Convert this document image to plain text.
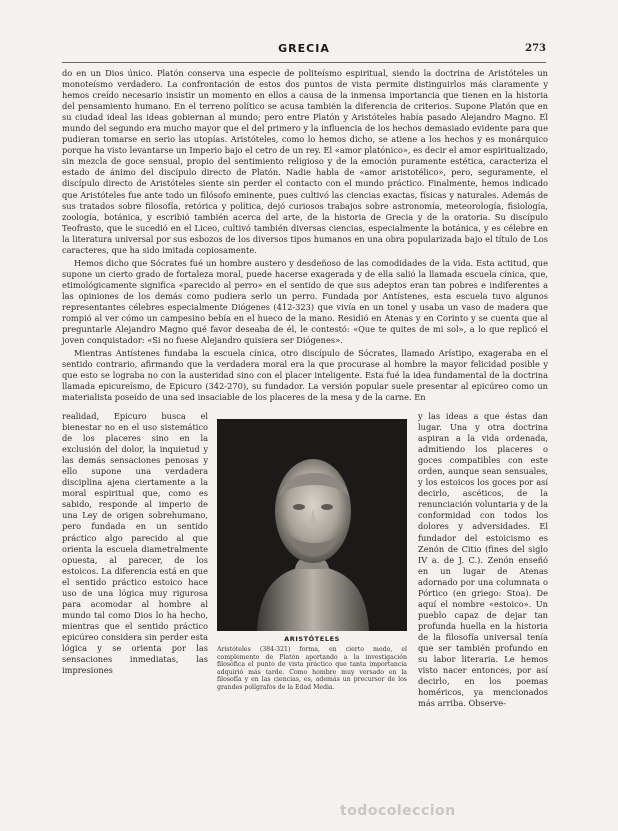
GRECIA	273

do en un Dios único. Platón conserva una especie de politeísmo espiritual, siendo la doctrina de Aristóteles un monoteísmo verdadero. La confrontación de estos dos puntos de vista permite distinguirlos más claramente y hemos creído necesario insistir un momento en ellos a causa de la inmensa importancia que tienen en la historia del pensamiento humano. En el terreno político se acusa también la diferencia de criterios. Supone Platón que en su ciudad ideal las ideas gobiernan al mundo; pero entre Platón y Aristóteles había pasado Alejandro Magno. El mundo del segundo era mucho mayor que el del primero y la influencia de los hechos demasiado evidente para que pudieran tomarse en serio las utopías. Aristóteles, como lo hemos dicho, se atiene a los hechos y es monárquico porque ha visto levantarse un Imperio bajo el cetro de un rey. El «amor platónico», es decir el amor espiritualizado, sin mezcla de goce sensual, propio del sentimiento religioso y de la emoción puramente estética, caracteriza el estado de ánimo del discípulo directo de Platón. Nadie habla de «amor aristotélico», pero, seguramente, el discípulo directo de Aristóteles siente sin perder el contacto con el mundo práctico. Finalmente, hemos indicado que Aristóteles fue ante todo un filósofo eminente, pues cultivó las ciencias exactas, físicas y naturales. Además de sus tratados sobre filosofía, retórica y política, dejó curiosos trabajos sobre astronomía, meteorología, fisiología, zoología, botánica, y escribió también acerca del arte, de la historia de Grecia y de la oratoria. Su discípulo Teofrasto, que le sucedió en el Liceo, cultivó también diversas ciencias, especialmente la botánica, y es célebre en la literatura universal por sus esbozos de los diversos tipos humanos en una obra popularizada bajo el título de Los caracteres, que ha sido imitada copiosamente.

Hemos dicho que Sócrates fué un hombre austero y desdeñoso de las comodidades de la vida. Esta actitud, que supone un cierto grado de fortaleza moral, puede hacerse exagerada y de ella salió la llamada escuela cínica, que, etimológicamente significa «parecido al perro» en el sentido de que sus adeptos eran tan pobres e indiferentes a las opiniones de los demás como pudiera serlo un perro. Fundada por Antístenes, esta escuela tuvo algunos representantes célebres especialmente Diógenes (412-323) que vivía en un tonel y usaba un vaso de madera que rompió al ver cómo un campesino bebía en el hueco de la mano. Residió en Atenas y en Corinto y se cuenta que al preguntarle Alejandro Magno qué favor deseaba de él, le contestó: «Que te quites de mi sol», a lo que replicó el joven conquistador: «Si no fuese Alejandro quisiera ser Diógenes».

Mientras Antístenes fundaba la escuela cínica, otro discípulo de Sócrates, llamado Arístipo, exageraba en el sentido contrario, afirmando que la verdadera moral era la que procurase al hombre la mayor felicidad posible y que esto se lograba no con la austeridad sino con el placer inteligente. Esta fué la idea fundamental de la doctrina llamada epicureísmo, de Epicuro (342-270), su fundador. La versión popular suele presentar al epicúreo como un materialista poseído de una sed insaciable de los placeres de la mesa y de la carne. En

realidad, Epicuro busca el bienestar no en el uso sistemático de los placeres sino en la exclusión del dolor, la inquietud y las demás sensaciones penosas y ello supone una verdadera disciplina ajena ciertamente a la moral espiritual que, como es sabido, responde al imperio de una Ley de origen sobrehumano, pero fundada en un sentido práctico algo parecido al que orienta la escuela diametralmente opuesta, al parecer, de los estoicos. La diferencia está en que el sentido práctico estoico hace uso de una lógica muy rigurosa para acomodar al hombre al mundo tal como Dios lo ha hecho, mientras que el sentido práctico epicúreo considera sin perder esta lógica y se orienta por las sensaciones inmediatas, las impresiones

ARISTÓTELES
Aristóteles (384-321) forma, en cierto modo, el complemento de Platón aportando a la investigación filosófica el punto de vista práctico que tanta importancia adquirió más tarde. Como hombre muy versado en la filosofía y en las ciencias, es, además un precursor de los grandes polígrafos de la Edad Media.

y las ideas a que éstas dan lugar. Una y otra doctrina aspiran a la vida ordenada, admitiendo los placeres o goces compatibles con este orden, aunque sean sensuales, y los estoicos los goces por así decirlo, ascéticos, de la renunciación voluntaria y de la conformidad con todos los dolores y adversidades. El fundador del estoicismo es Zenón de Citio (fines del siglo IV a. de J. C.). Zenón enseñó en un lugar de Atenas adornado por una columnata o Pórtico (en griego: Stoa). De aquí el nombre «estoico». Un pueblo capaz de dejar tan profunda huella en la historia de la filosofía universal tenía que ser también profundo en su labor literaria. Le hemos visto nacer entonces, por así decirlo, en los poemas homéricos, ya mencionados más arriba. Observe-

todocoleccion
